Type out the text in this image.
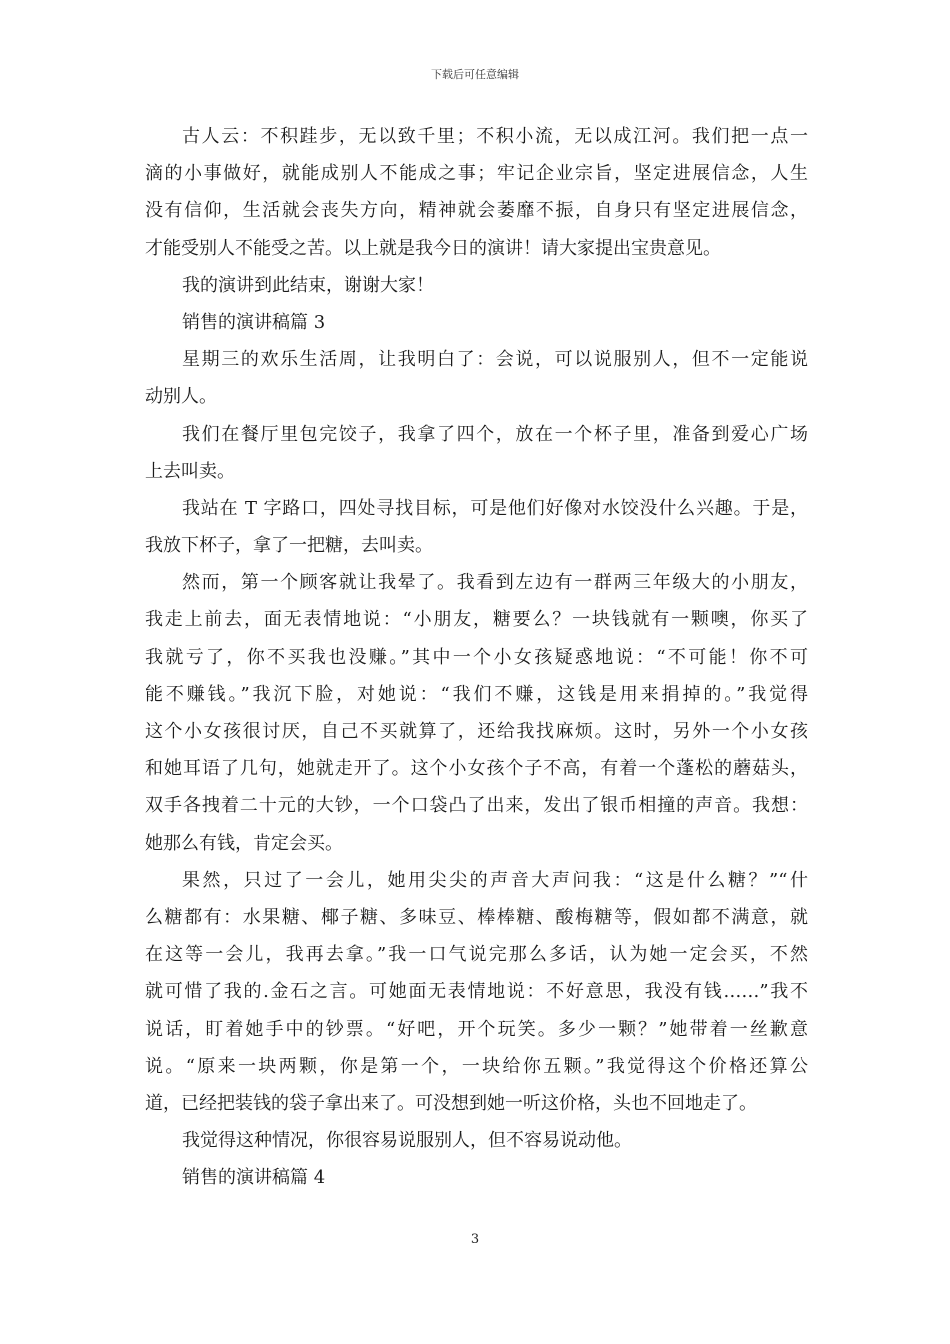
下载后可任意编辑
古人云：不积跬步，无以致千里；不积小流，无以成江河。我们把一点一
滴的小事做好，就能成别人不能成之事；牢记企业宗旨，坚定进展信念，人生
没有信仰，生活就会丧失方向，精神就会萎靡不振，自身只有坚定进展信念，
才能受别人不能受之苦。以上就是我今日的演讲！请大家提出宝贵意见。
我的演讲到此结束，谢谢大家！
销售的演讲稿篇 3
星期三的欢乐生活周，让我明白了：会说，可以说服别人，但不一定能说
动别人。
我们在餐厅里包完饺子，我拿了四个，放在一个杯子里，准备到爱心广场
上去叫卖。
我站在 T 字路口，四处寻找目标，可是他们好像对水饺没什么兴趣。于是，
我放下杯子，拿了一把糖，去叫卖。
然而，第一个顾客就让我晕了。我看到左边有一群两三年级大的小朋友，
我走上前去，面无表情地说：“小朋友，糖要么？一块钱就有一颗噢，你买了
我就亏了，你不买我也没赚。”其中一个小女孩疑惑地说：“不可能！你不可
能不赚钱。”我沉下脸，对她说：“我们不赚，这钱是用来捐掉的。”我觉得
这个小女孩很讨厌，自己不买就算了，还给我找麻烦。这时，另外一个小女孩
和她耳语了几句，她就走开了。这个小女孩个子不高，有着一个蓬松的蘑菇头，
双手各拽着二十元的大钞，一个口袋凸了出来，发出了银币相撞的声音。我想：
她那么有钱，肯定会买。
果然，只过了一会儿，她用尖尖的声音大声问我：“这是什么糖？”“什
么糖都有：水果糖、椰子糖、多味豆、棒棒糖、酸梅糖等，假如都不满意，就
在这等一会儿，我再去拿。”我一口气说完那么多话，认为她一定会买，不然
就可惜了我的.金石之言。可她面无表情地说：不好意思，我没有钱……”我不
说话，盯着她手中的钞票。“好吧，开个玩笑。多少一颗？”她带着一丝歉意
说。“原来一块两颗，你是第一个，一块给你五颗。”我觉得这个价格还算公
道，已经把装钱的袋子拿出来了。可没想到她一听这价格，头也不回地走了。
我觉得这种情况，你很容易说服别人，但不容易说动他。
销售的演讲稿篇 4
3
